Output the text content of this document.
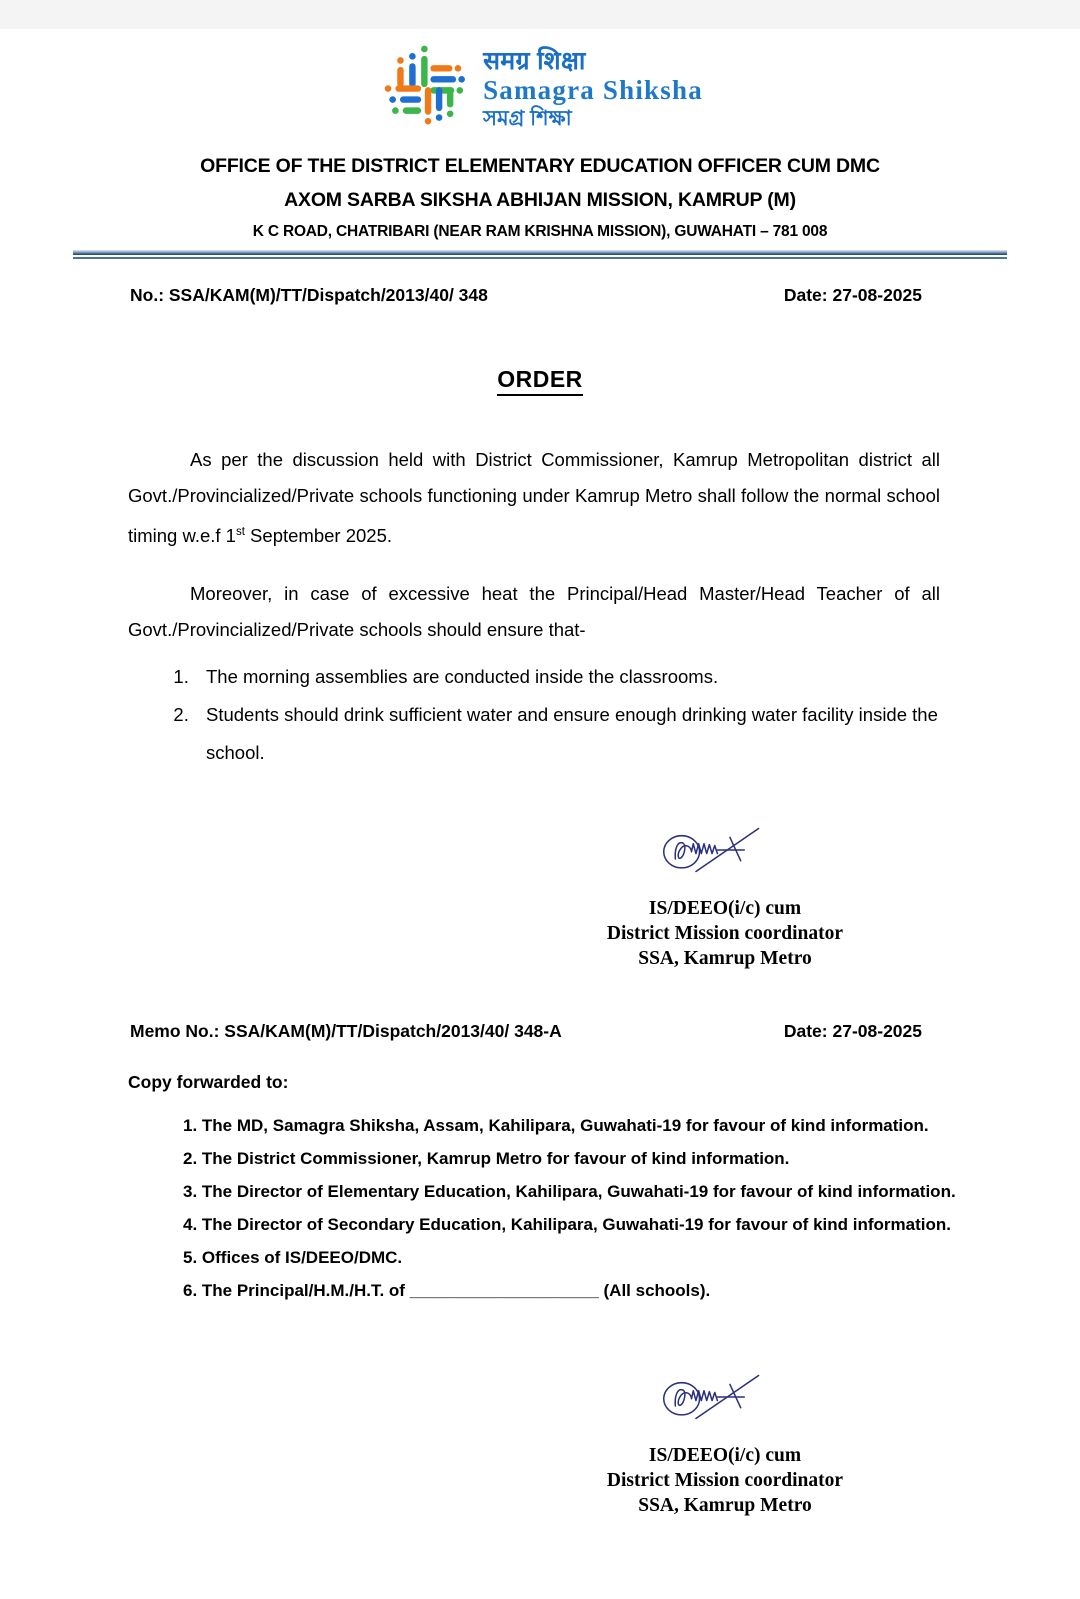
समग्र शिक्षा
Samagra Shiksha
সমগ্ৰ শিক্ষা
OFFICE OF THE DISTRICT ELEMENTARY EDUCATION OFFICER CUM DMC
AXOM SARBA SIKSHA ABHIJAN MISSION, KAMRUP (M)
K C ROAD, CHATRIBARI (NEAR RAM KRISHNA MISSION), GUWAHATI – 781 008
No.: SSA/KAM(M)/TT/Dispatch/2013/40/ 348	Date: 27-08-2025
ORDER

As per the discussion held with District Commissioner, Kamrup Metropolitan district all Govt./Provincialized/Private schools functioning under Kamrup Metro shall follow the normal school timing w.e.f 1st September 2025.

Moreover, in case of excessive heat the Principal/Head Master/Head Teacher of all Govt./Provincialized/Private schools should ensure that-

1. The morning assemblies are conducted inside the classrooms.
2. Students should drink sufficient water and ensure enough drinking water facility inside the school.
IS/DEEO(i/c) cum
District Mission coordinator
SSA, Kamrup Metro
Memo No.: SSA/KAM(M)/TT/Dispatch/2013/40/ 348-A	Date: 27-08-2025
Copy forwarded to:
1. The MD, Samagra Shiksha, Assam, Kahilipara, Guwahati-19 for favour of kind information.
2. The District Commissioner, Kamrup Metro for favour of kind information.
3. The Director of Elementary Education, Kahilipara, Guwahati-19 for favour of kind information.
4. The Director of Secondary Education, Kahilipara, Guwahati-19 for favour of kind information.
5. Offices of IS/DEEO/DMC.
6. The Principal/H.M./H.T. of ____________________ (All schools).
IS/DEEO(i/c) cum
District Mission coordinator
SSA, Kamrup Metro
